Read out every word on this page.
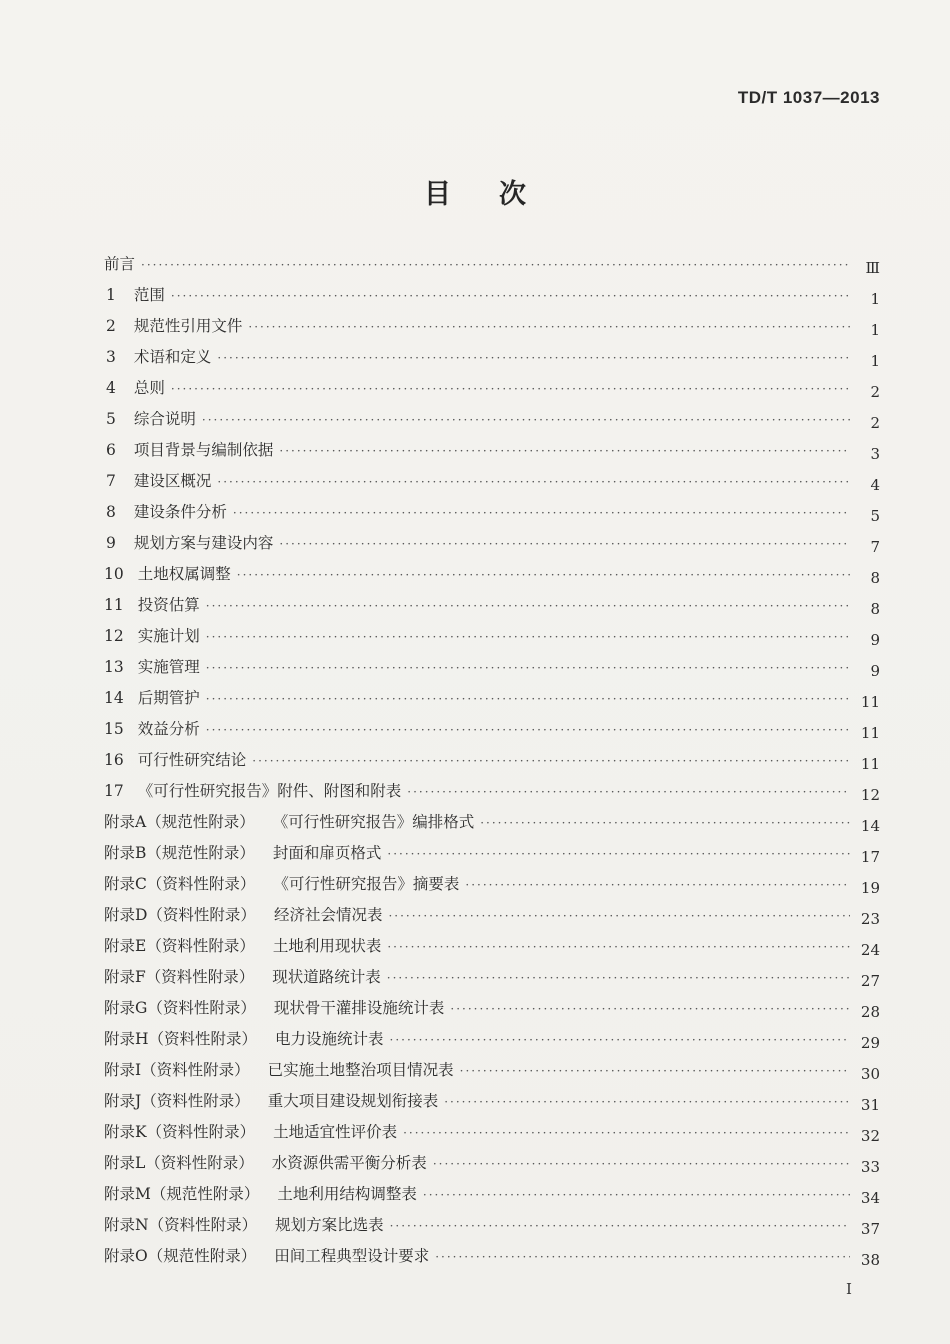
TD/T 1037—2013
目次
前言 ·····	Ⅲ
1 范围 ·····	1
2 规范性引用文件 ·····	1
3 术语和定义 ·····	1
4 总则 ·····	2
5 综合说明 ·····	2
6 项目背景与编制依据 ·····	3
7 建设区概况 ·····	4
8 建设条件分析 ·····	5
9 规划方案与建设内容 ·····	7
10 土地权属调整 ·····	8
11 投资估算 ·····	8
12 实施计划 ·····	9
13 实施管理 ·····	9
14 后期管护 ·····	11
15 效益分析 ·····	11
16 可行性研究结论 ·····	11
17 《可行性研究报告》附件、附图和附表 ·····	12
附录A（规范性附录） 《可行性研究报告》编排格式 ·····	14
附录B（规范性附录） 封面和扉页格式 ·····	17
附录C（资料性附录） 《可行性研究报告》摘要表 ·····	19
附录D（资料性附录） 经济社会情况表 ·····	23
附录E（资料性附录） 土地利用现状表 ·····	24
附录F（资料性附录） 现状道路统计表 ·····	27
附录G（资料性附录） 现状骨干灌排设施统计表 ·····	28
附录H（资料性附录） 电力设施统计表 ·····	29
附录I（资料性附录） 已实施土地整治项目情况表 ·····	30
附录J（资料性附录） 重大项目建设规划衔接表 ·····	31
附录K（资料性附录） 土地适宜性评价表 ·····	32
附录L（资料性附录） 水资源供需平衡分析表 ·····	33
附录M（规范性附录） 土地利用结构调整表 ·····	34
附录N（资料性附录） 规划方案比选表 ·····	37
附录O（规范性附录） 田间工程典型设计要求 ·····	38
I
